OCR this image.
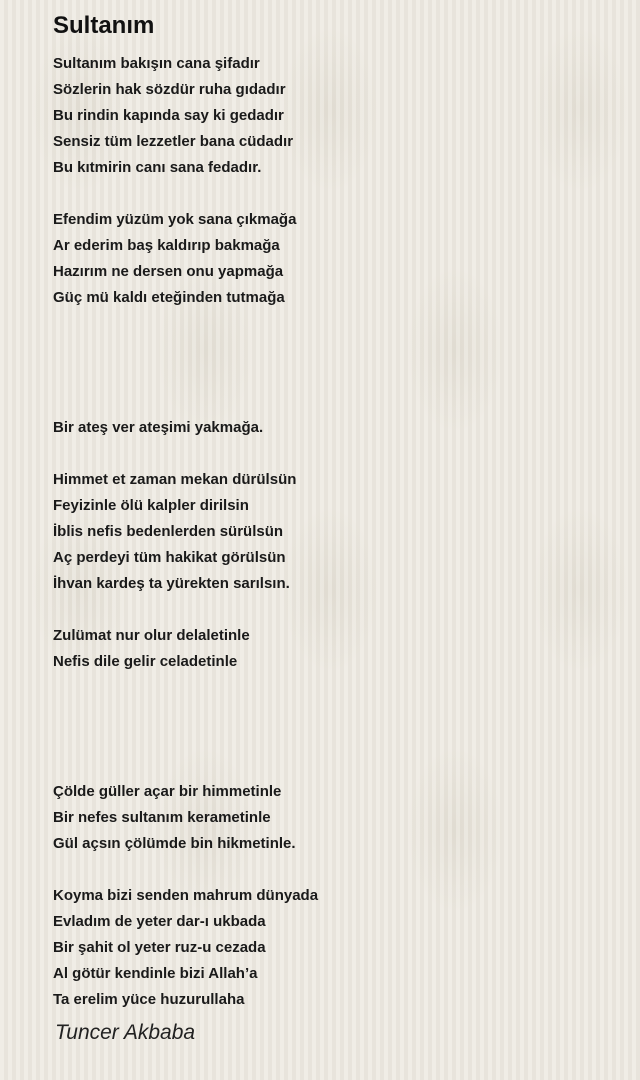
Sultanım
Sultanım bakışın cana şifadır
Sözlerin hak sözdür ruha gıdadır
Bu rindin kapında say ki gedadır
Sensiz tüm lezzetler bana cüdadır
Bu kıtmirin canı sana fedadır.
Efendim yüzüm yok sana çıkmağa
Ar ederim baş kaldırıp bakmağa
Hazırım ne dersen onu yapmağa
Güç mü kaldı eteğinden tutmağa
Bir ateş ver ateşimi yakmağa.
Himmet et zaman mekan dürülsün
Feyizinle ölü kalpler dirilsin
İblis nefis bedenlerden sürülsün
Aç perdeyi tüm hakikat görülsün
İhvan kardeş ta yürekten sarılsın.
Zulümat nur olur delaletinle
Nefis dile gelir celadetinle
Çölde güller açar bir himmetinle
Bir nefes sultanım kerametinle
Gül açsın çölümde bin hikmetinle.
Koyma bizi senden mahrum dünyada
Evladım de yeter dar-ı ukbada
Bir şahit ol yeter ruz-u cezada
Al götür kendinle bizi Allah’a
Ta erelim yüce huzurullaha
Tuncer Akbaba
